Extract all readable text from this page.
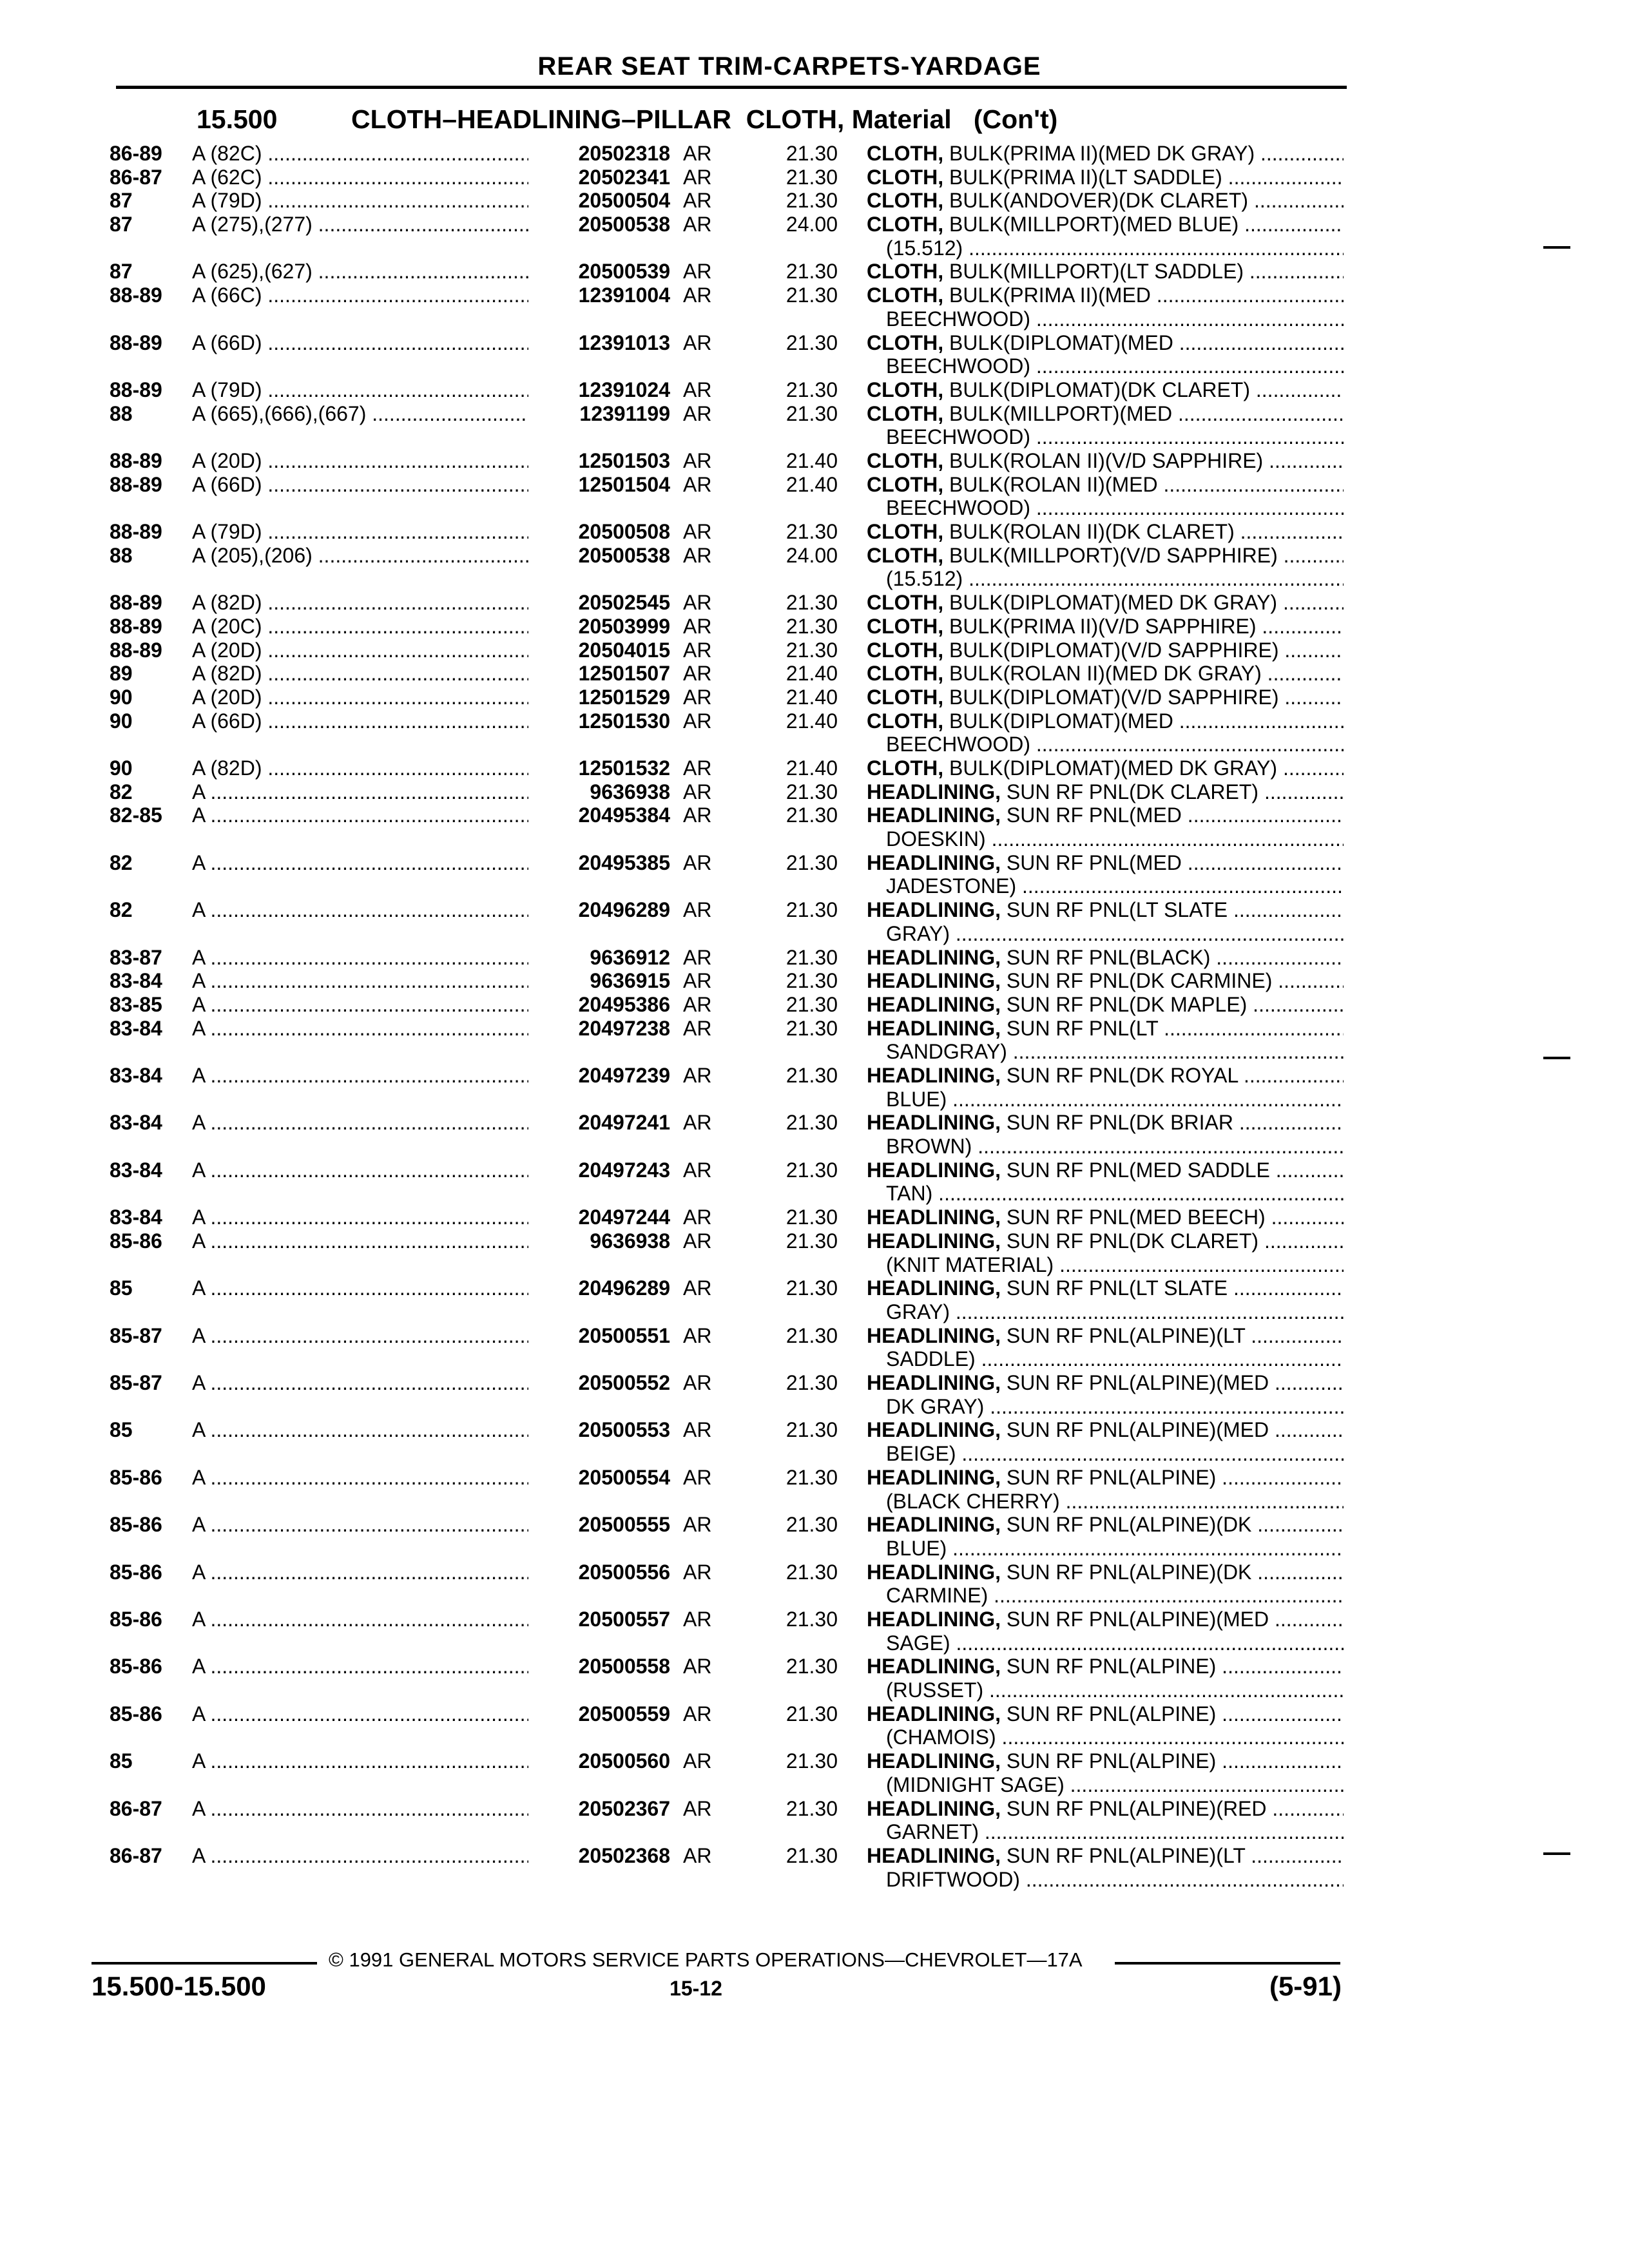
REAR SEAT TRIM-CARPETS-YARDAGE
15.500	CLOTH–HEADLINING–PILLAR  CLOTH, Material   (Con't)
86-89 A (82C) .....	20502318 AR	21.30 CLOTH, BULK(PRIMA II)(MED DK GRAY) .....
86-87 A (62C) .....	20502341 AR	21.30 CLOTH, BULK(PRIMA II)(LT SADDLE) .....
87	A (79D) .....	20500504 AR	21.30 CLOTH, BULK(ANDOVER)(DK CLARET) .....
87	A (275),(277) .....	20500538 AR	24.00 CLOTH, BULK(MILLPORT)(MED BLUE) .....
(15.512) .....
87	A (625),(627) .....	20500539 AR	21.30 CLOTH, BULK(MILLPORT)(LT SADDLE) .....
88-89 A (66C) .....	12391004 AR	21.30 CLOTH, BULK(PRIMA II)(MED .....
BEECHWOOD) .....
88-89 A (66D) .....	12391013 AR	21.30 CLOTH, BULK(DIPLOMAT)(MED .....
BEECHWOOD) .....
88-89 A (79D) .....	12391024 AR	21.30 CLOTH, BULK(DIPLOMAT)(DK CLARET) .....
88	A (665),(666),(667) .....	12391199 AR	21.30 CLOTH, BULK(MILLPORT)(MED .....
BEECHWOOD) .....
88-89 A (20D) .....	12501503 AR	21.40 CLOTH, BULK(ROLAN II)(V/D SAPPHIRE) .....
88-89 A (66D) .....	12501504 AR	21.40 CLOTH, BULK(ROLAN II)(MED .....
BEECHWOOD) .....
88-89 A (79D) .....	20500508 AR	21.30 CLOTH, BULK(ROLAN II)(DK CLARET) .....
88	A (205),(206) .....	20500538 AR	24.00 CLOTH, BULK(MILLPORT)(V/D SAPPHIRE) .....
(15.512) .....
88-89 A (82D) .....	20502545 AR	21.30 CLOTH, BULK(DIPLOMAT)(MED DK GRAY) .....
88-89 A (20C) .....	20503999 AR	21.30 CLOTH, BULK(PRIMA II)(V/D SAPPHIRE) .....
88-89 A (20D) .....	20504015 AR	21.30 CLOTH, BULK(DIPLOMAT)(V/D SAPPHIRE) .....
89	A (82D) .....	12501507 AR	21.40 CLOTH, BULK(ROLAN II)(MED DK GRAY) .....
90	A (20D) .....	12501529 AR	21.40 CLOTH, BULK(DIPLOMAT)(V/D SAPPHIRE) .....
90	A (66D) .....	12501530 AR	21.40 CLOTH, BULK(DIPLOMAT)(MED .....
BEECHWOOD) .....
90	A (82D) .....	12501532 AR	21.40 CLOTH, BULK(DIPLOMAT)(MED DK GRAY) .....
82	A .....	9636938 AR	21.30 HEADLINING, SUN RF PNL(DK CLARET) .....
82-85 A .....	20495384 AR	21.30 HEADLINING, SUN RF PNL(MED .....
DOESKIN) .....
82	A .....	20495385 AR	21.30 HEADLINING, SUN RF PNL(MED .....
JADESTONE) .....
82	A .....	20496289 AR	21.30 HEADLINING, SUN RF PNL(LT SLATE .....
GRAY) .....
83-87 A .....	9636912 AR	21.30 HEADLINING, SUN RF PNL(BLACK) .....
83-84 A .....	9636915 AR	21.30 HEADLINING, SUN RF PNL(DK CARMINE) .....
83-85 A .....	20495386 AR	21.30 HEADLINING, SUN RF PNL(DK MAPLE) .....
83-84 A .....	20497238 AR	21.30 HEADLINING, SUN RF PNL(LT .....
SANDGRAY) .....
83-84 A .....	20497239 AR	21.30 HEADLINING, SUN RF PNL(DK ROYAL .....
BLUE) .....
83-84 A .....	20497241 AR	21.30 HEADLINING, SUN RF PNL(DK BRIAR .....
BROWN) .....
83-84 A .....	20497243 AR	21.30 HEADLINING, SUN RF PNL(MED SADDLE .....
TAN) .....
83-84 A .....	20497244 AR	21.30 HEADLINING, SUN RF PNL(MED BEECH) .....
85-86 A .....	9636938 AR	21.30 HEADLINING, SUN RF PNL(DK CLARET) .....
(KNIT MATERIAL) .....
85	A .....	20496289 AR	21.30 HEADLINING, SUN RF PNL(LT SLATE .....
GRAY) .....
85-87 A .....	20500551 AR	21.30 HEADLINING, SUN RF PNL(ALPINE)(LT .....
SADDLE) .....
85-87 A .....	20500552 AR	21.30 HEADLINING, SUN RF PNL(ALPINE)(MED .....
DK GRAY) .....
85	A .....	20500553 AR	21.30 HEADLINING, SUN RF PNL(ALPINE)(MED .....
BEIGE) .....
85-86 A .....	20500554 AR	21.30 HEADLINING, SUN RF PNL(ALPINE) .....
(BLACK CHERRY) .....
85-86 A .....	20500555 AR	21.30 HEADLINING, SUN RF PNL(ALPINE)(DK .....
BLUE) .....
85-86 A .....	20500556 AR	21.30 HEADLINING, SUN RF PNL(ALPINE)(DK .....
CARMINE) .....
85-86 A .....	20500557 AR	21.30 HEADLINING, SUN RF PNL(ALPINE)(MED .....
SAGE) .....
85-86 A .....	20500558 AR	21.30 HEADLINING, SUN RF PNL(ALPINE) .....
(RUSSET) .....
85-86 A .....	20500559 AR	21.30 HEADLINING, SUN RF PNL(ALPINE) .....
(CHAMOIS) .....
85	A .....	20500560 AR	21.30 HEADLINING, SUN RF PNL(ALPINE) .....
(MIDNIGHT SAGE) .....
86-87 A .....	20502367 AR	21.30 HEADLINING, SUN RF PNL(ALPINE)(RED .....
GARNET) .....
86-87 A .....	20502368 AR	21.30 HEADLINING, SUN RF PNL(ALPINE)(LT .....
DRIFTWOOD) .....
© 1991 GENERAL MOTORS SERVICE PARTS OPERATIONS—CHEVROLET—17A
15.500-15.500	15-12	(5-91)
